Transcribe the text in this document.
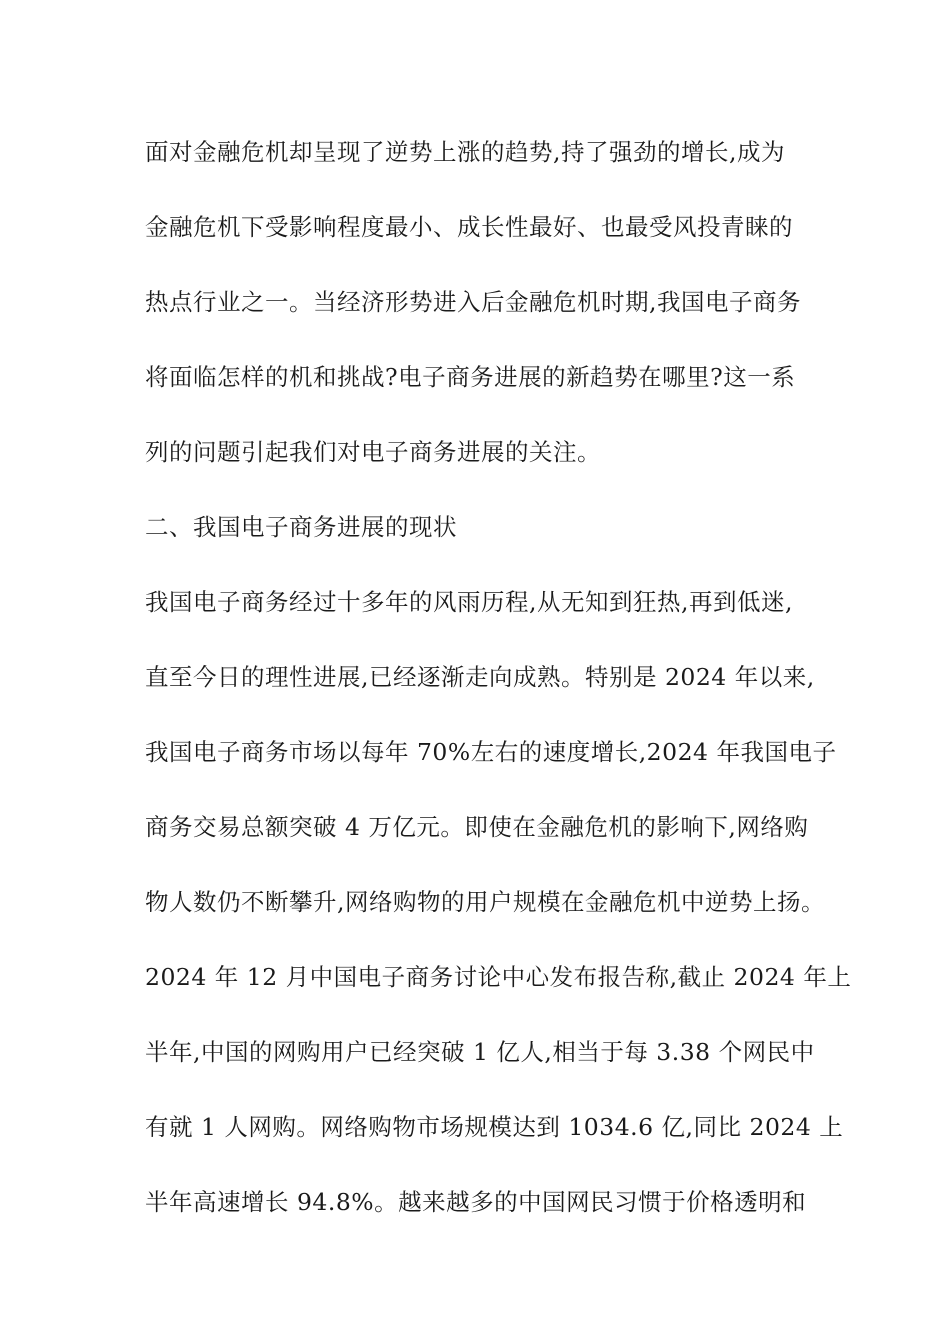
面对金融危机却呈现了逆势上涨的趋势,持了强劲的增长,成为
金融危机下受影响程度最小、成长性最好、也最受风投青睐的
热点行业之一。当经济形势进入后金融危机时期,我国电子商务
将面临怎样的机和挑战?电子商务进展的新趋势在哪里?这一系
列的问题引起我们对电子商务进展的关注。
二、我国电子商务进展的现状
我国电子商务经过十多年的风雨历程,从无知到狂热,再到低迷,
直至今日的理性进展,已经逐渐走向成熟。特别是 2024 年以来,
我国电子商务市场以每年 70%左右的速度增长,2024 年我国电子
商务交易总额突破 4 万亿元。即使在金融危机的影响下,网络购
物人数仍不断攀升,网络购物的用户规模在金融危机中逆势上扬。
2024 年 12 月中国电子商务讨论中心发布报告称,截止 2024 年上
半年,中国的网购用户已经突破 1 亿人,相当于每 3.38 个网民中
有就 1 人网购。网络购物市场规模达到 1034.6 亿,同比 2024 上
半年高速增长 94.8%。越来越多的中国网民习惯于价格透明和
